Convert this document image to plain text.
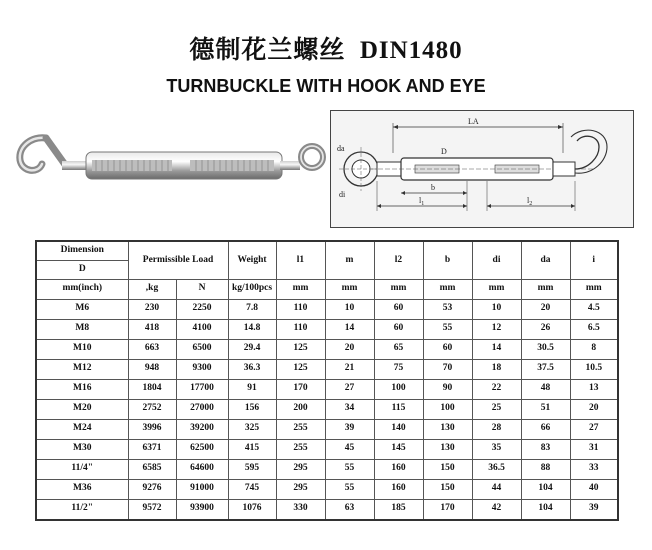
德制花兰螺丝 DIN1480
TURNBUCKLE WITH HOOK AND EYE
LA
da
di
D
b
$l_1$	$l_2$
Dimension	Permissible Load		Weight	l1	m	l2	b	di	da	i
D										
mm(inch)	,kg	N	kg/100pcs	mm	mm	mm	mm	mm	mm	mm
M6	230	2250	7.8	110	10	60	53	10	20	4.5
M8	418	4100	14.8	110	14	60	55	12	26	6.5
M10	663	6500	29.4	125	20	65	60	14	30.5	8
M12	948	9300	36.3	125	21	75	70	18	37.5	10.5
M16	1804	17700	91	170	27	100	90	22	48	13
M20	2752	27000	156	200	34	115	100	25	51	20
M24	3996	39200	325	255	39	140	130	28	66	27
M30	6371	62500	415	255	45	145	130	35	83	31
11/4"	6585	64600	595	295	55	160	150	36.5	88	33
M36	9276	91000	745	295	55	160	150	44	104	40
11/2"	9572	93900	1076	330	63	185	170	42	104	39
